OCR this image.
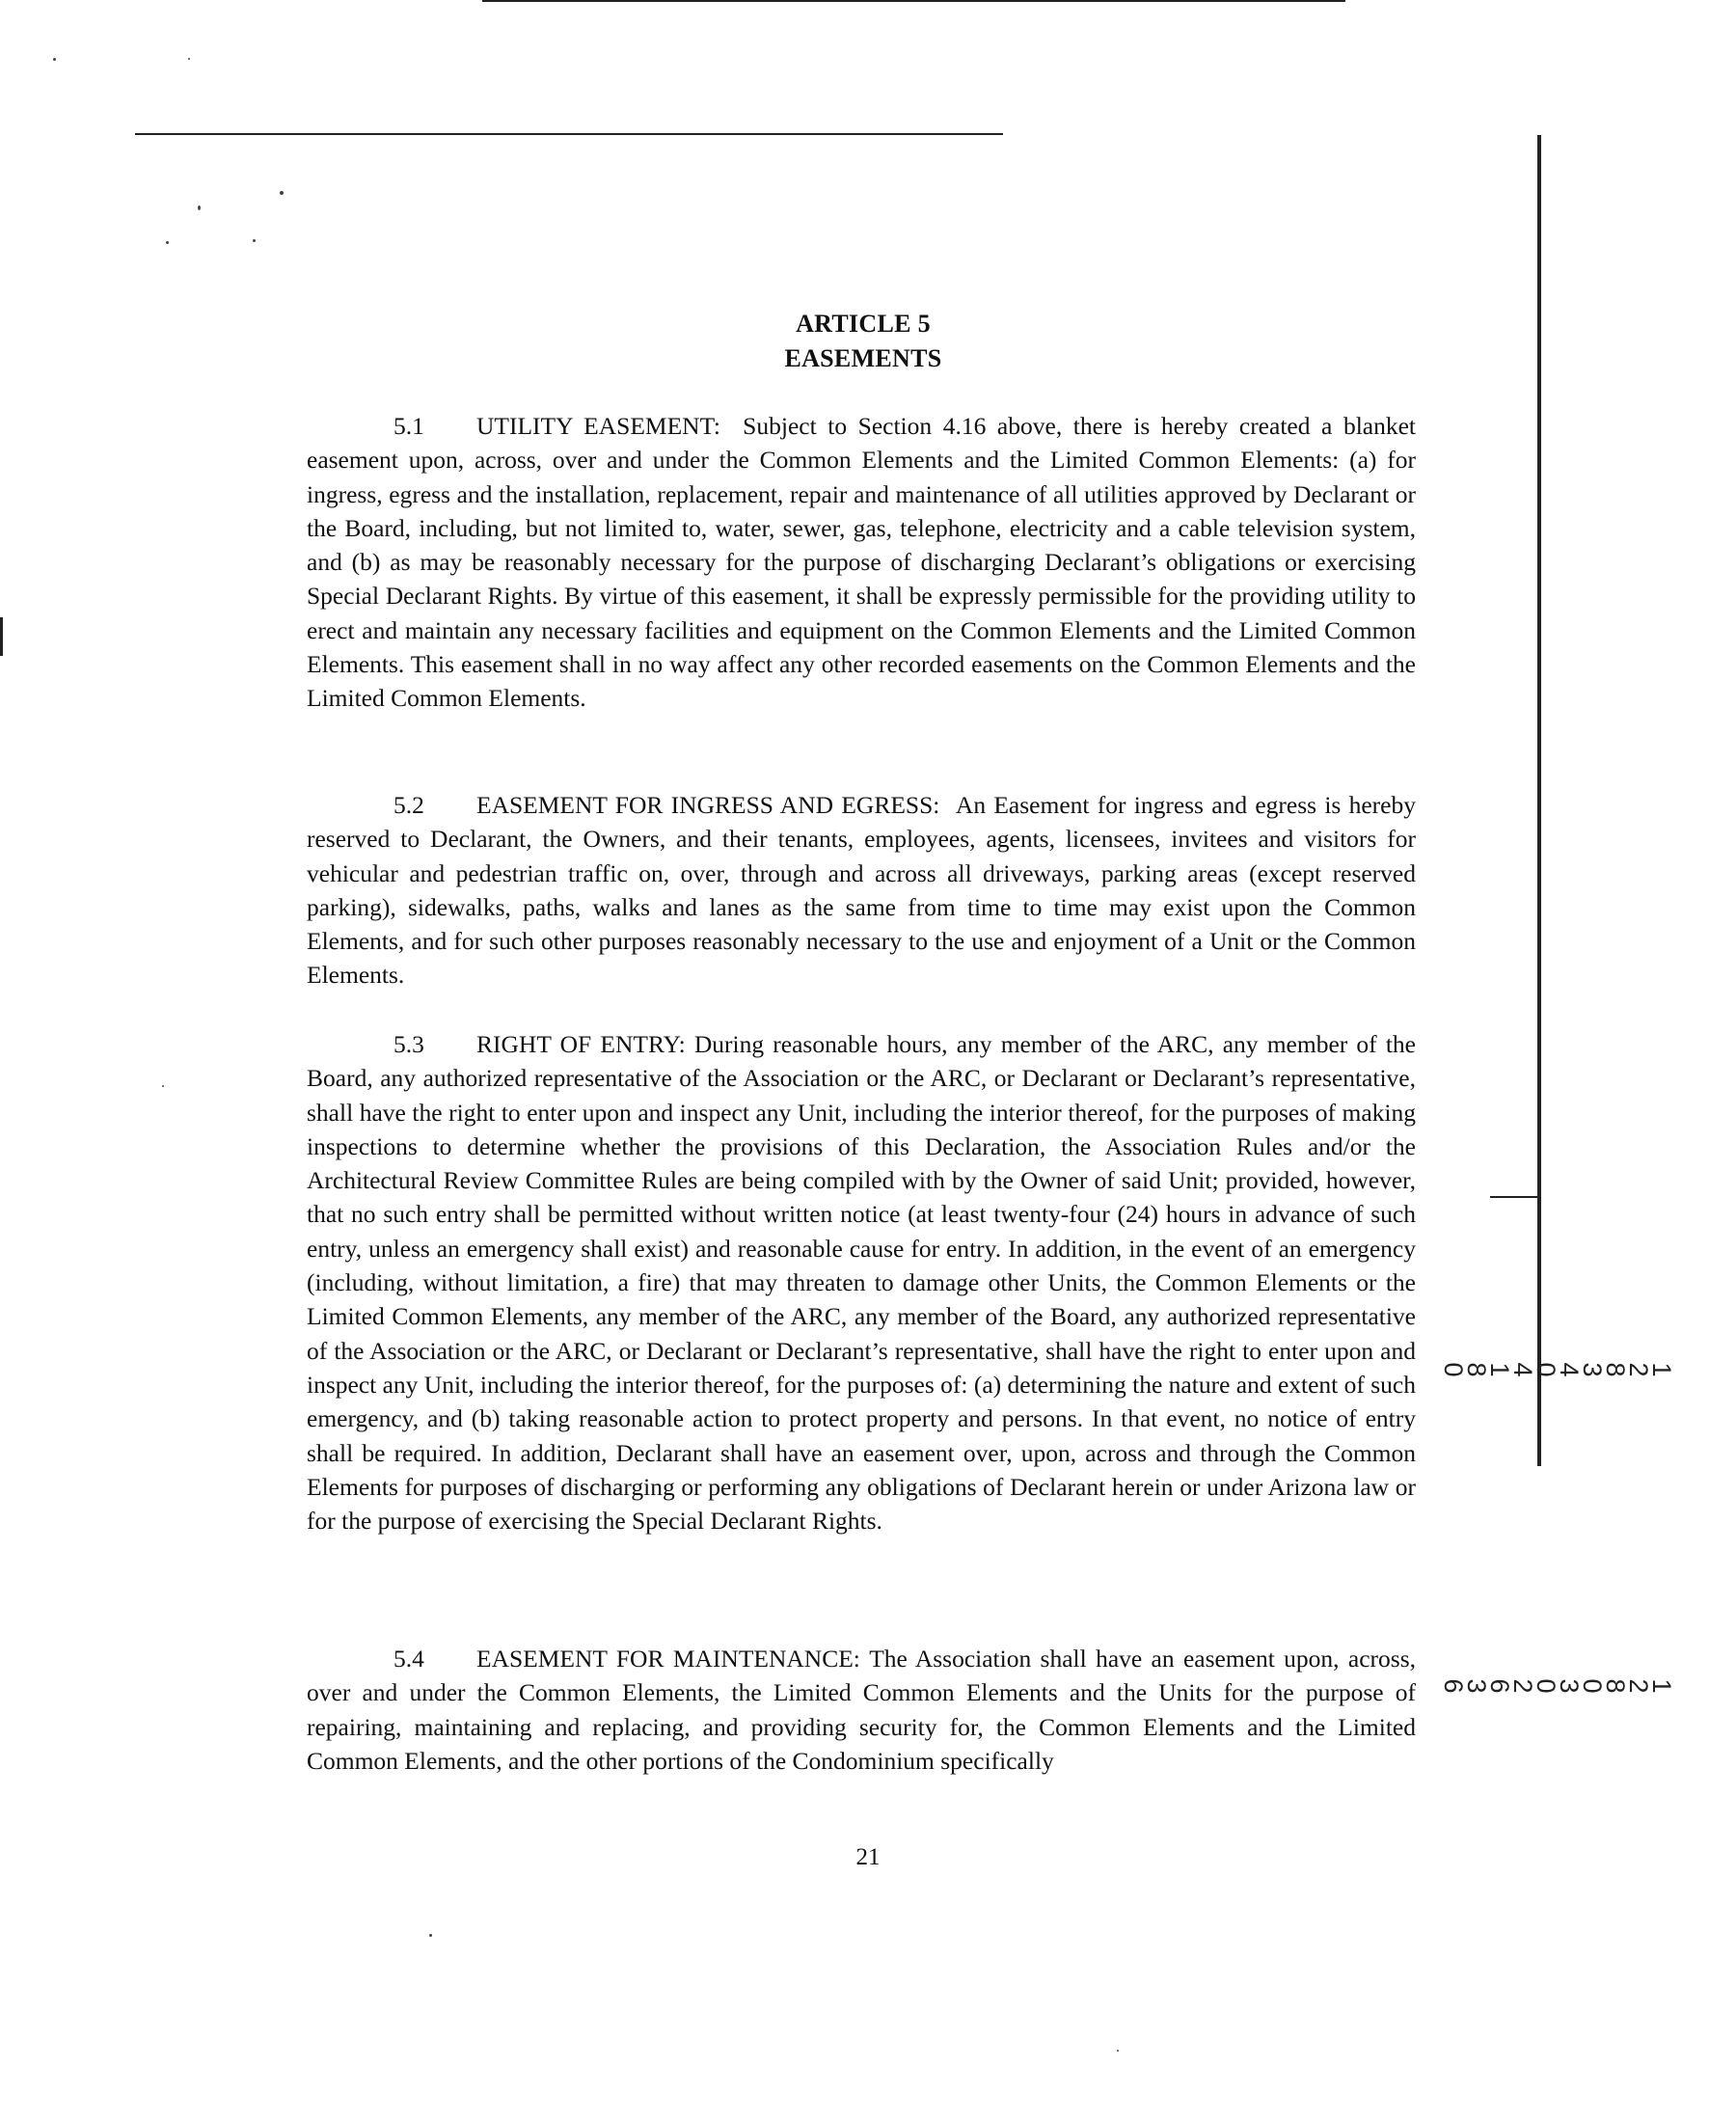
ARTICLE 5
EASEMENTS
5.1 UTILITY EASEMENT: Subject to Section 4.16 above, there is hereby created a blanket easement upon, across, over and under the Common Elements and the Limited Common Elements: (a) for ingress, egress and the installation, replacement, repair and maintenance of all utilities approved by Declarant or the Board, including, but not limited to, water, sewer, gas, telephone, electricity and a cable television system, and (b) as may be reasonably necessary for the purpose of discharging Declarant’s obligations or exercising Special Declarant Rights. By virtue of this easement, it shall be expressly permissible for the providing utility to erect and maintain any necessary facilities and equipment on the Common Elements and the Limited Common Elements. This easement shall in no way affect any other recorded easements on the Common Elements and the Limited Common Elements.
5.2 EASEMENT FOR INGRESS AND EGRESS: An Easement for ingress and egress is hereby reserved to Declarant, the Owners, and their tenants, employees, agents, licensees, invitees and visitors for vehicular and pedestrian traffic on, over, through and across all driveways, parking areas (except reserved parking), sidewalks, paths, walks and lanes as the same from time to time may exist upon the Common Elements, and for such other purposes reasonably necessary to the use and enjoyment of a Unit or the Common Elements.
5.3 RIGHT OF ENTRY: During reasonable hours, any member of the ARC, any member of the Board, any authorized representative of the Association or the ARC, or Declarant or Declarant’s representative, shall have the right to enter upon and inspect any Unit, including the interior thereof, for the purposes of making inspections to determine whether the provisions of this Declaration, the Association Rules and/or the Architectural Review Committee Rules are being compiled with by the Owner of said Unit; provided, however, that no such entry shall be permitted without written notice (at least twenty-four (24) hours in advance of such entry, unless an emergency shall exist) and reasonable cause for entry. In addition, in the event of an emergency (including, without limitation, a fire) that may threaten to damage other Units, the Common Elements or the Limited Common Elements, any member of the ARC, any member of the Board, any authorized representative of the Association or the ARC, or Declarant or Declarant’s representative, shall have the right to enter upon and inspect any Unit, including the interior thereof, for the purposes of: (a) determining the nature and extent of such emergency, and (b) taking reasonable action to protect property and persons. In that event, no notice of entry shall be required. In addition, Declarant shall have an easement over, upon, across and through the Common Elements for purposes of discharging or performing any obligations of Declarant herein or under Arizona law or for the purpose of exercising the Special Declarant Rights.
5.4 EASEMENT FOR MAINTENANCE: The Association shall have an easement upon, across, over and under the Common Elements, the Limited Common Elements and the Units for the purpose of repairing, maintaining and replacing, and providing security for, the Common Elements and the Limited Common Elements, and the other portions of the Condominium specifically
21

12834 04180

12803 02636
